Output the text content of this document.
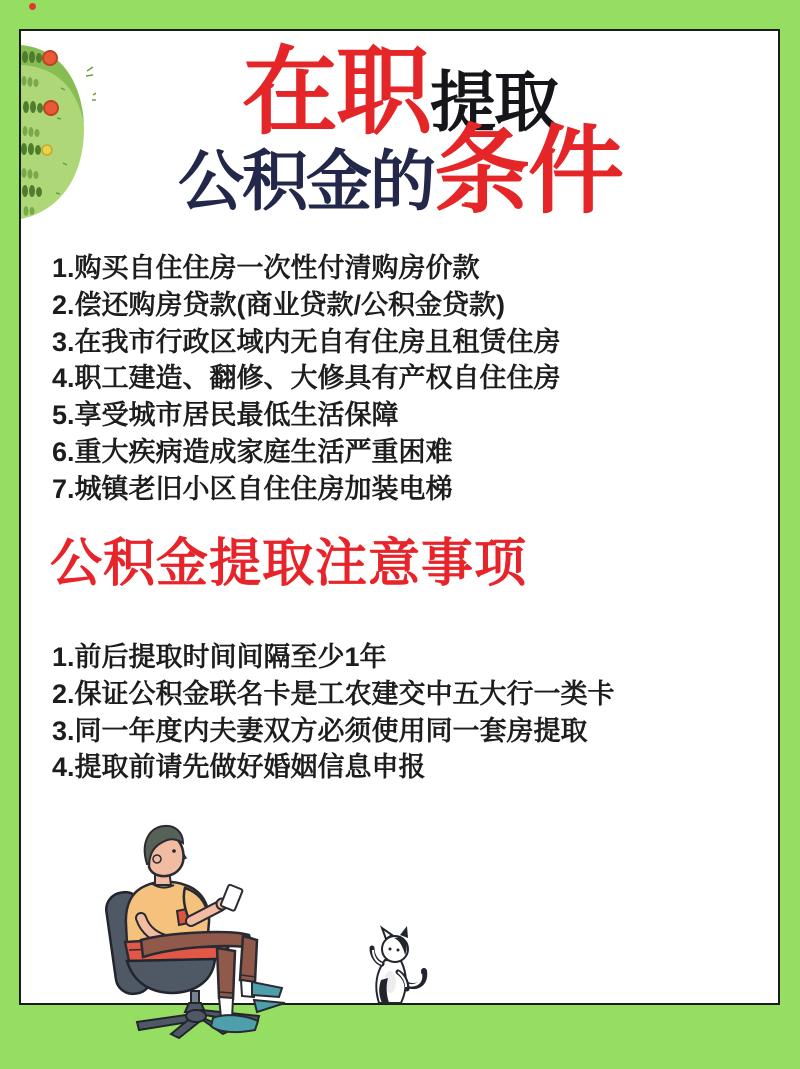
在职提取
公积金的条件
1.购买自住住房一次性付清购房价款
2.偿还购房贷款(商业贷款/公积金贷款)
3.在我市行政区域内无自有住房且租赁住房
4.职工建造、翻修、大修具有产权自住住房
5.享受城市居民最低生活保障
6.重大疾病造成家庭生活严重困难
7.城镇老旧小区自住住房加装电梯
公积金提取注意事项
1.前后提取时间间隔至少1年
2.保证公积金联名卡是工农建交中五大行一类卡
3.同一年度内夫妻双方必须使用同一套房提取
4.提取前请先做好婚姻信息申报
